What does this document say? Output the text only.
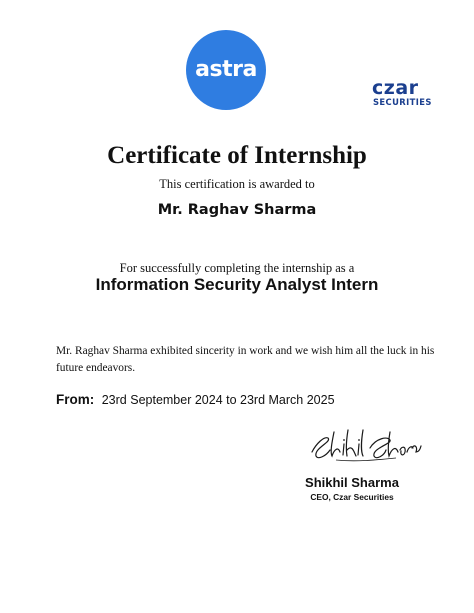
astra
czar
SECURITIES
Certificate of Internship
This certification is awarded to
Mr. Raghav Sharma
For successfully completing the internship as a
Information Security Analyst Intern
Mr. Raghav Sharma exhibited sincerity in work and we wish him all the luck in his future endeavors.
From: 23rd September 2024 to 23rd March 2025
Shikhil Sharma
CEO, Czar Securities
